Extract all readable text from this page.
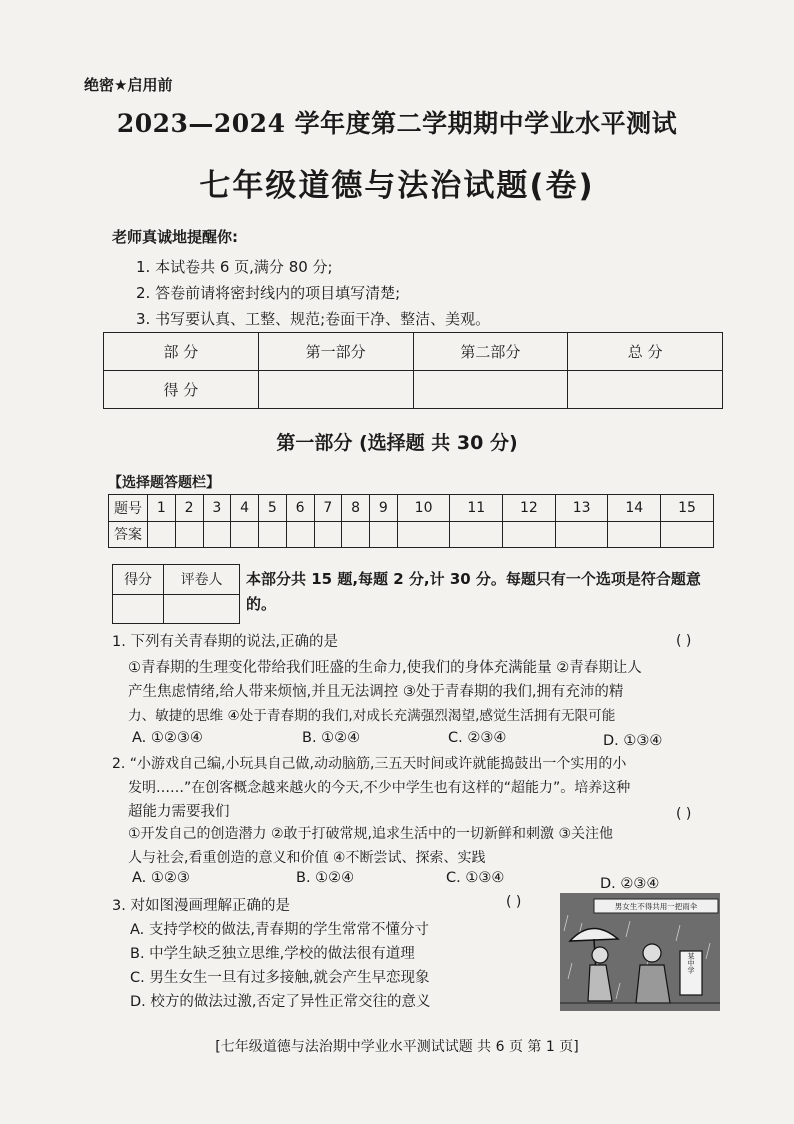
绝密★启用前
2023—2024 学年度第二学期期中学业水平测试
七年级道德与法治试题(卷)
老师真诚地提醒你:
1. 本试卷共 6 页,满分 80 分;
2. 答卷前请将密封线内的项目填写清楚;
3. 书写要认真、工整、规范;卷面干净、整洁、美观。
部 分	第一部分	第二部分	总 分
得 分			
第一部分 (选择题 共 30 分)
【选择题答题栏】
题号	1	2	3	4	5	6	7	8	9	10	11	12	13	14	15
答案															
得分	评卷人
	本部分共 15 题,每题 2 分,计 30 分。每题只有一个选项是符合题意的。
1. 下列有关青春期的说法,正确的是	( )
①青春期的生理变化带给我们旺盛的生命力,使我们的身体充满能量 ②青春期让人
产生焦虑情绪,给人带来烦恼,并且无法调控 ③处于青春期的我们,拥有充沛的精
力、敏捷的思维 ④处于青春期的我们,对成长充满强烈渴望,感觉生活拥有无限可能
A. ①②③④	B. ①②④	C. ②③④	D. ①③④
2. “小游戏自己编,小玩具自己做,动动脑筋,三五天时间或许就能捣鼓出一个实用的小
发明……”在创客概念越来越火的今天,不少中学生也有这样的“超能力”。培养这种
超能力需要我们	( )
①开发自己的创造潜力 ②敢于打破常规,追求生活中的一切新鲜和刺激 ③关注他
人与社会,看重创造的意义和价值 ④不断尝试、探索、实践
A. ①②③	B. ①②④	C. ①③④	D. ②③④
3. 对如图漫画理解正确的是	( )
A. 支持学校的做法,青春期的学生常常不懂分寸
B. 中学生缺乏独立思维,学校的做法很有道理
C. 男生女生一旦有过多接触,就会产生早恋现象
D. 校方的做法过激,否定了异性正常交往的意义
男女生不得共用一把雨伞
某中学
[七年级道德与法治期中学业水平测试试题 共 6 页 第 1 页]
